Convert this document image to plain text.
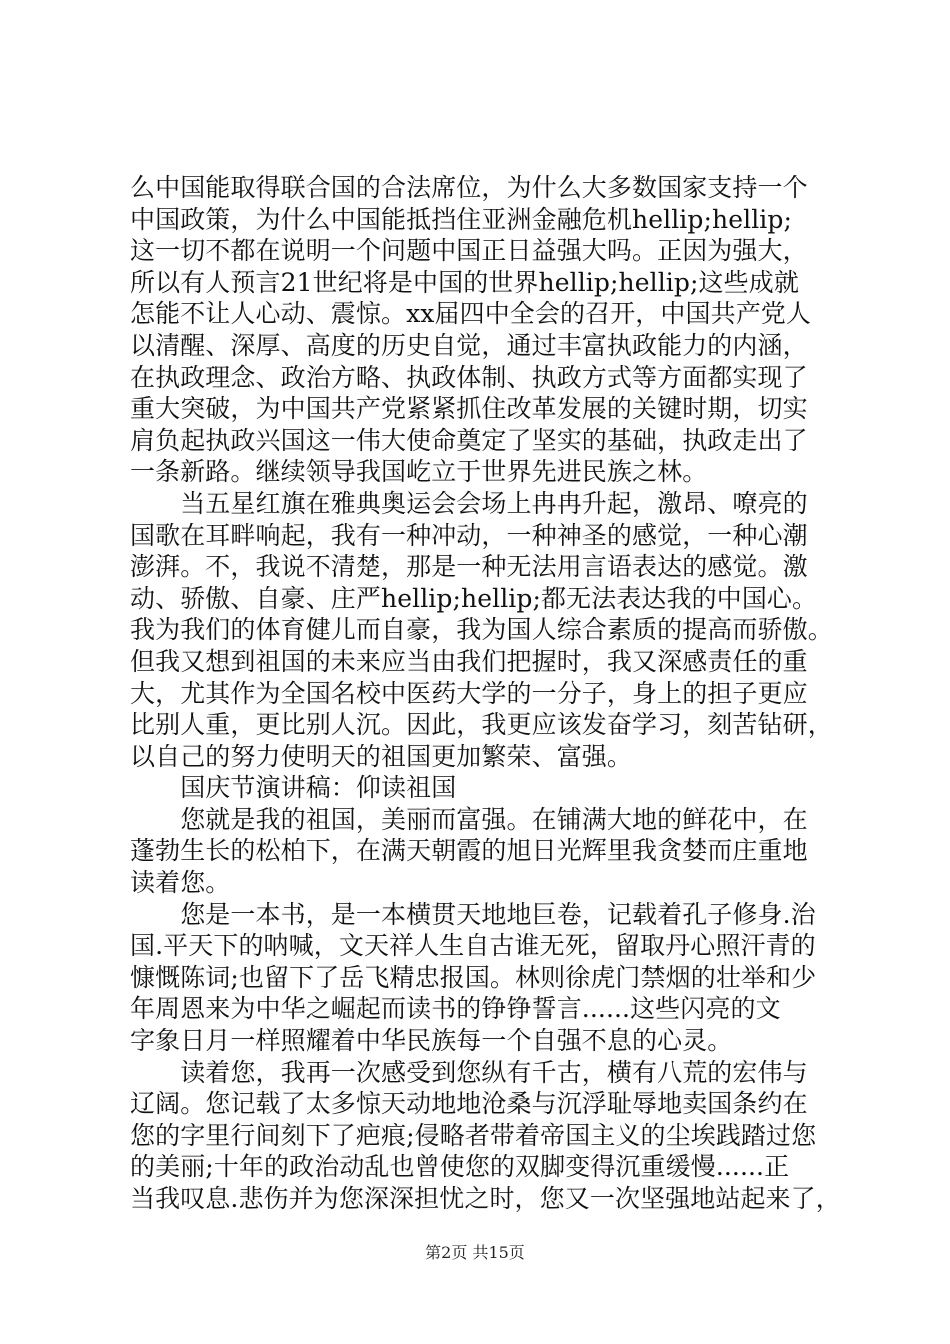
么中国能取得联合国的合法席位，为什么大多数国家支持一个
中国政策，为什么中国能抵挡住亚洲金融危机hellip;hellip;
这一切不都在说明一个问题中国正日益强大吗。正因为强大，
所以有人预言21世纪将是中国的世界hellip;hellip;这些成就
怎能不让人心动、震惊。xx届四中全会的召开，中国共产党人
以清醒、深厚、高度的历史自觉，通过丰富执政能力的内涵，
在执政理念、政治方略、执政体制、执政方式等方面都实现了
重大突破，为中国共产党紧紧抓住改革发展的关键时期，切实
肩负起执政兴国这一伟大使命奠定了坚实的基础，执政走出了
一条新路。继续领导我国屹立于世界先进民族之林。
　　当五星红旗在雅典奥运会会场上冉冉升起，激昂、嘹亮的
国歌在耳畔响起，我有一种冲动，一种神圣的感觉，一种心潮
澎湃。不，我说不清楚，那是一种无法用言语表达的感觉。激
动、骄傲、自豪、庄严hellip;hellip;都无法表达我的中国心。
我为我们的体育健儿而自豪，我为国人综合素质的提高而骄傲。
但我又想到祖国的未来应当由我们把握时，我又深感责任的重
大，尤其作为全国名校中医药大学的一分子，身上的担子更应
比别人重，更比别人沉。因此，我更应该发奋学习，刻苦钻研，
以自己的努力使明天的祖国更加繁荣、富强。
　　国庆节演讲稿：仰读祖国
　　您就是我的祖国，美丽而富强。在铺满大地的鲜花中，在
蓬勃生长的松柏下，在满天朝霞的旭日光辉里我贪婪而庄重地
读着您。
　　您是一本书，是一本横贯天地地巨卷，记载着孔子修身.治
国.平天下的呐喊，文天祥人生自古谁无死，留取丹心照汗青的
慷慨陈词;也留下了岳飞精忠报国。林则徐虎门禁烟的壮举和少
年周恩来为中华之崛起而读书的铮铮誓言......这些闪亮的文
字象日月一样照耀着中华民族每一个自强不息的心灵。
　　读着您，我再一次感受到您纵有千古，横有八荒的宏伟与
辽阔。您记载了太多惊天动地地沧桑与沉浮耻辱地卖国条约在
您的字里行间刻下了疤痕;侵略者带着帝国主义的尘埃践踏过您
的美丽;十年的政治动乱也曾使您的双脚变得沉重缓慢......正
当我叹息.悲伤并为您深深担忧之时，您又一次坚强地站起来了，
第2页 共15页
